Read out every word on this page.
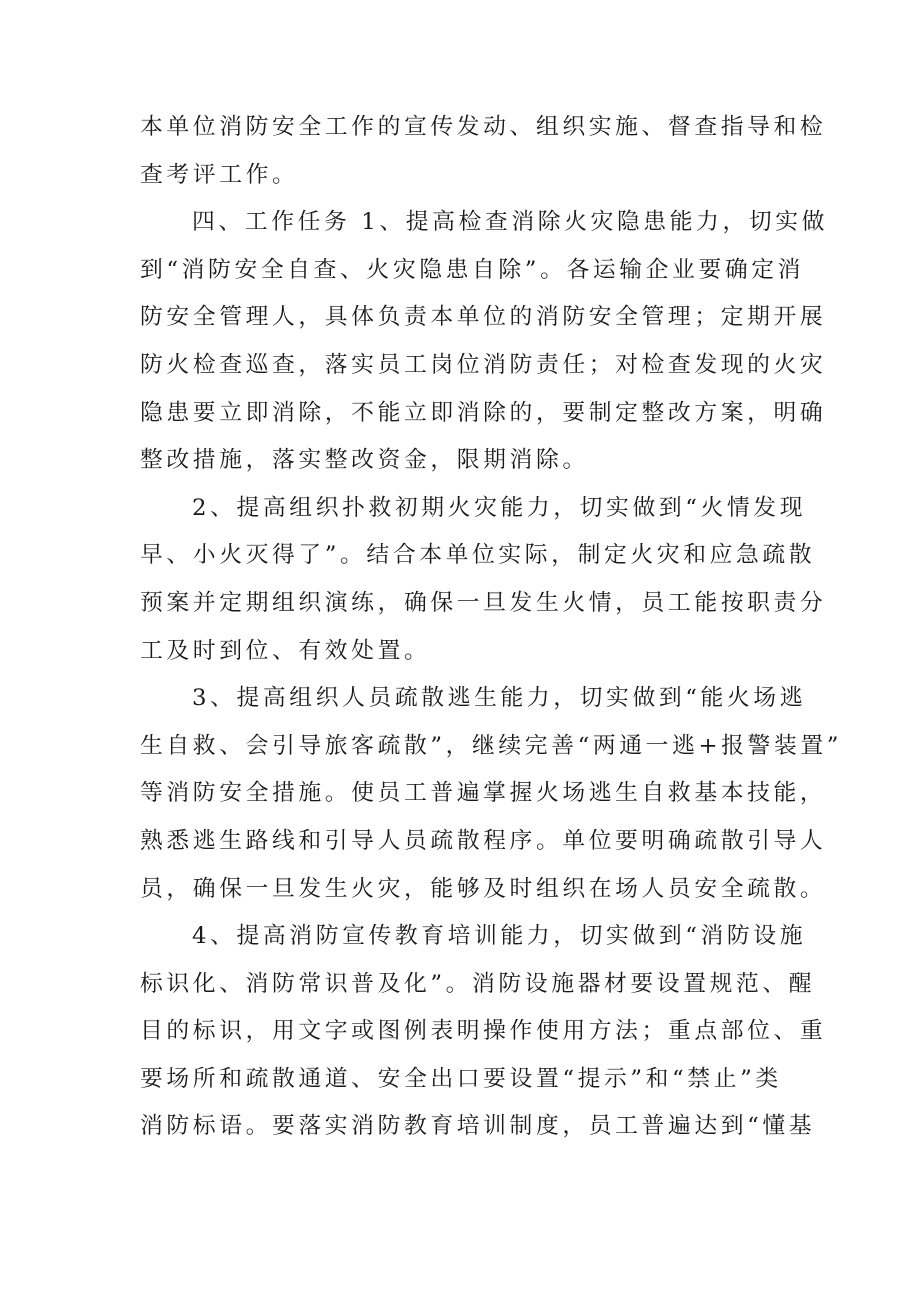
本单位消防安全工作的宣传发动、组织实施、督查指导和检
查考评工作。
四、工作任务 1、提高检查消除火灾隐患能力，切实做
到“消防安全自查、火灾隐患自除”。各运输企业要确定消
防安全管理人，具体负责本单位的消防安全管理；定期开展
防火检查巡查，落实员工岗位消防责任；对检查发现的火灾
隐患要立即消除，不能立即消除的，要制定整改方案，明确
整改措施，落实整改资金，限期消除。
2、提高组织扑救初期火灾能力，切实做到“火情发现
早、小火灭得了”。结合本单位实际，制定火灾和应急疏散
预案并定期组织演练，确保一旦发生火情，员工能按职责分
工及时到位、有效处置。
3、提高组织人员疏散逃生能力，切实做到“能火场逃
生自救、会引导旅客疏散”，继续完善“两通一逃+报警装置”
等消防安全措施。使员工普遍掌握火场逃生自救基本技能，
熟悉逃生路线和引导人员疏散程序。单位要明确疏散引导人
员，确保一旦发生火灾，能够及时组织在场人员安全疏散。
4、提高消防宣传教育培训能力，切实做到“消防设施
标识化、消防常识普及化”。消防设施器材要设置规范、醒
目的标识，用文字或图例表明操作使用方法；重点部位、重
要场所和疏散通道、安全出口要设置“提示”和“禁止”类
消防标语。要落实消防教育培训制度，员工普遍达到“懂基
